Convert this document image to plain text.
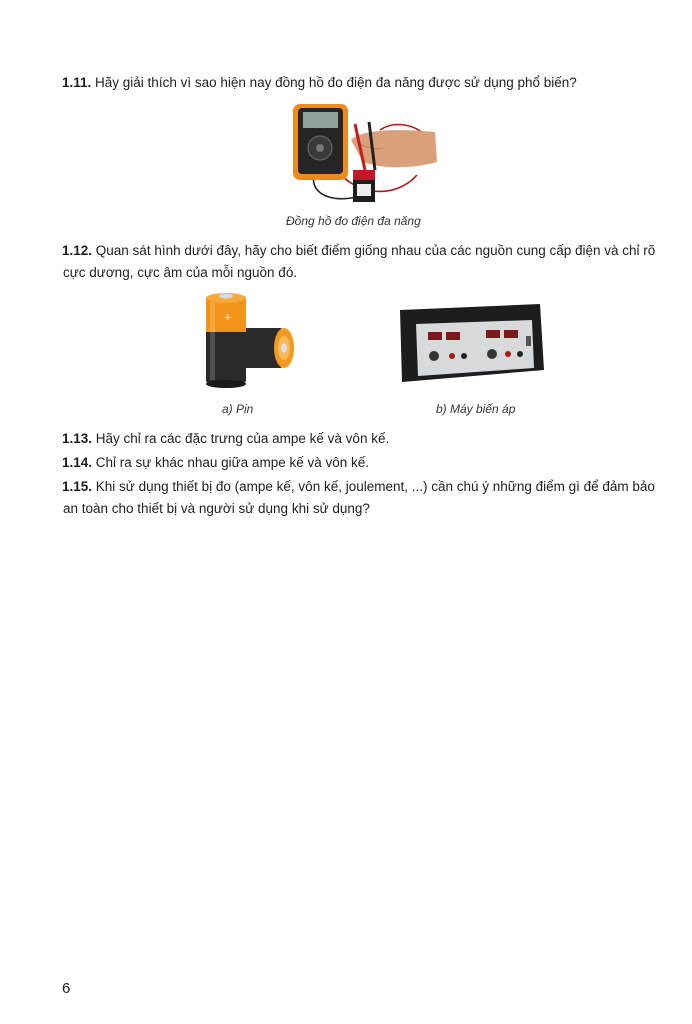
1.11. Hãy giải thích vì sao hiện nay đồng hồ đo điện đa năng được sử dụng phổ biến?
Đồng hồ đo điện đa năng
1.12. Quan sát hình dưới đây, hãy cho biết điểm giống nhau của các nguồn cung cấp điện và chỉ rõ
cực dương, cực âm của mỗi nguồn đó.
+
a) Pin	b) Máy biến áp
1.13. Hãy chỉ ra các đặc trưng của ampe kế và vôn kế.
1.14. Chỉ ra sự khác nhau giữa ampe kế và vôn kế.
1.15. Khi sử dụng thiết bị đo (ampe kế, vôn kế, joulement, ...) cần chú ý những điểm gì để đảm bảo
an toàn cho thiết bị và người sử dụng khi sử dụng?
6
